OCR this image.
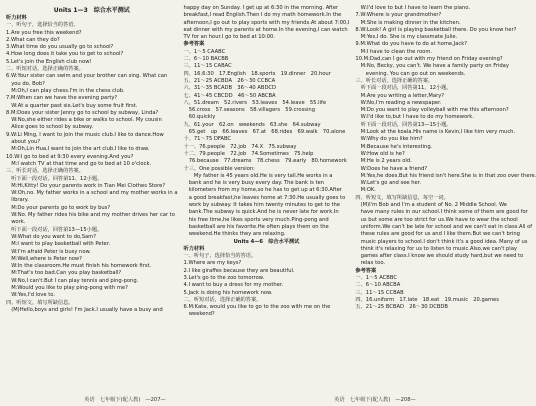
Units 1—3　综合水平测试
听力材料
一、听句子，选择恰当的答语。
1.Are you free this weekend?
2.What can they do?
3.What time do you usually go to school?
4.How long does it take you to get to school?
5.Let's join the English club now!
二、听短对话，选择正确的答案。
6.W:Your sister can swim and your brother can sing. What can
　you do, Bob?
　M:Oh,I can play chess.I'm in the chess club.
7.M:When can we have the evening party?
　W:At a quarter past six.Let's buy some fruit first.
8.M:Does your sister Jenny go to school by subway, Linda?
　W:No,she either rides a bike or walks to school. My cousin
　Alice goes to school by subway.
9.W:Li Ming, I want to join the music club.I like to dance.How
　about you?
　M:Oh,Lin Hua,I want to join the art club.I like to draw.
10.W:I go to bed at 9:30 every evening.And you?
　M:I watch TV at that time and go to bed at 10 o'clock.
三、听长对话，选择正确的答案。
　听下面一段对话，回答第11、12小题。
　M:Hi,Kitty! Do your parents work in Tian Mei Clothes Store?
　W:Oh,no. My father works in a school and my mother works in a
　library.
　M:Do your parents go to work by bus?
　W:No. My father rides his bike and my mother drives her car to
　work.
　听下面一段对话，回答第13—15小题。
　W:What do you want to do,Sam?
　M:I want to play basketball with Peter.
　W:I'm afraid Peter is busy now.
　M:Well,where is Peter now?
　W:In the classroom.He must finish his homework first.
　M:That's too bad.Can you play basketball?
　W:No,I can't.But I can play tennis and ping-pong.
　M:Would you like to play ping-pong with me?
　W:Yes,I'd love to.
四、听短文，填写所缺信息。
　(M)Hello,boys and girls! I'm Jack.I usually have a busy and
happy day on Sunday. I get up at 6:30 in the morning. After
breakfast,I read English.Then I do my math homework.In the
afternoon,I go out to play sports with my friends.At about 7:00,I
eat dinner with my parents at home.In the evening,I can watch
TV for an hour.I go to bed at 10:00.
参考答案
一、1～5 CAABC
二、6～10 BACBB
三、11～15 CABAC
四、16.6:30　17.English　18.sports　19.dinner　20.hour
五、21～25 ACBDA　26～30 CCBCA
六、31～35 BCADB　36～40 ABDCD
七、41～45 CBCDD　46～50 ABCBA
八、51.dream　52.rivers　53.leaves　54.leave　55.life
　56.cross　57.seasons　58.villagers　59.crossing
　60.quickly
九、61.your　62.on　weekends　63.she　64.subway
　65.get　up　66.leaves　67.at　68.rides　69.walk　70.alone
十、71～75 DFABC
十一、76.people　72.job　74.X　75.subway
十二、79.people　72.job　74.Sometimes　75.help
　76.because　77.dreams　78.chess　79.early　80.homework
十三、One possible version:
　　My father is 45 years old.He is very tall.He works in a
　bank and he is very busy every day. The bank is ten
　kilometers from my home,so he has to get up at 6:30.After
　a good breakfast,he leaves home at 7:30.He usually goes to
　work by subway. It takes him twenty minutes to get to the
　bank.The subway is quick.And he is never late for work.In
　his free time,he likes sports very much.Ping-pong and
　basketball are his favorite.He often plays them on the
　weekend.He thinks they are relaxing.
Units 4—6　综合水平测试
听力材料
一、听句子，选择恰当的答语。
1.Where are my keys?
2.I like giraffes because they are beautiful.
3.Let's go to the zoo tomorrow.
4.I want to buy a dress for my mother.
5.Jack is doing his homework now.
二、听短对话，选择正确的答案。
6.M:Kate, would you like to go to the zoo with me on the
　weekend?
　W:I'd love to but I have to learn the piano.
7.W:Where is your grandmother?
　M:She is making dinner in the kitchen.
8.W:Look! A girl is playing basketball there. Do you know her?
　M:Yes,I do. She is my classmate Julie.
9.M:What do you have to do at home,Jack?
　M:I have to clean the room.
10.M:Dad,can I go out with my friend on Friday evening?
　M:No, Becky, you can't. We have a family party on Friday
　　evening. You can go out on weekends.
三、听长对话，选择正确的答案。
　听下面一段对话，回答第11、12小题。
　M:Are you writing a letter,Mary?
　W:No,I'm reading a newspaper.
　M:Do you want to play volleyball with me this afternoon?
　W:I'd like to,but I have to do my homework.
　听下面一段对话，回答第13—15小题。
　M:Look at the koala.His name is Kevin,I like him very much.
　W:Why do you like him?
　M:Because he's interesting.
　W:How old is he?
　M:He is 2 years old.
　W:Does he have a friend?
　M:Yes,he does.But his friend isn't here.She is in that zoo over there.
　W:Let's go and see her.
　M:OK.
四、听短文，填写所缺信息，每空一词。
　(M)I'm Bob and I'm a student of No. 2 Middle School. We
　have many rules in our school.I think some of them are good for
　us but some are too strict for us.We have to wear the school
　uniform.We can't be late for school and we can't eat in class.All of
　these rules are good for us and I like them.But we can't bring
　music players to school.I don't think it's a good idea. Many of us
　think it's relaxing for us to listen to music.Also,we can't play
　games after class.I know we should study hard,but we need to
　relax too.
参考答案
一、1～5 ACBBC
二、6～10 ABCBA
三、11～15 CCBAB
四、16.uniform　17.late　18.eat　19.music　20.games
五、21～25 BCBAD　26～30 DCBDB
英语　七年级下(配人教)　—207—	英语　七年级下(配人教)　—208—
